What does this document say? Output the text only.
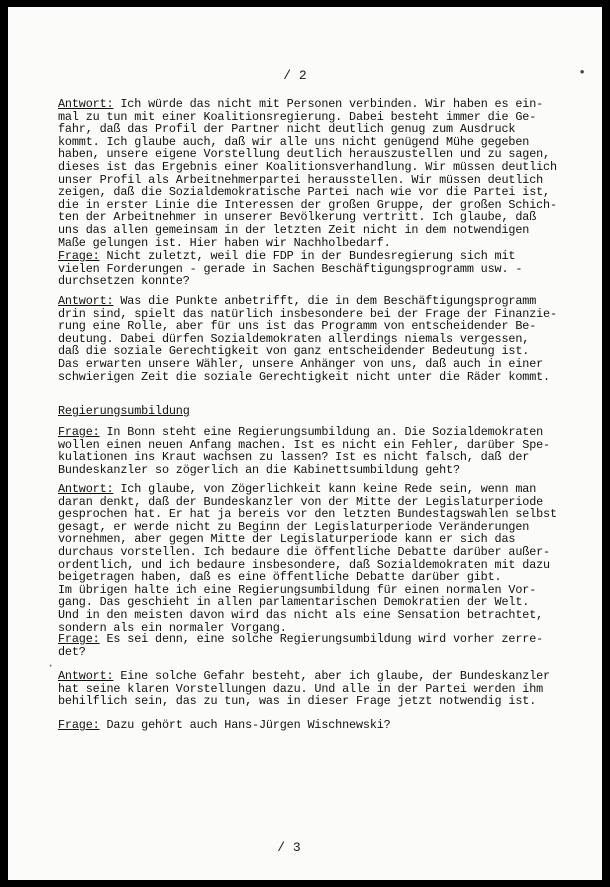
/ 2	•
Antwort: Ich würde das nicht mit Personen verbinden. Wir haben es ein-
mal zu tun mit einer Koalitionsregierung. Dabei besteht immer die Ge-
fahr, daß das Profil der Partner nicht deutlich genug zum Ausdruck
kommt. Ich glaube auch, daß wir alle uns nicht genügend Mühe gegeben
haben, unsere eigene Vorstellung deutlich herauszustellen und zu sagen,
dieses ist das Ergebnis einer Koalitionsverhandlung. Wir müssen deutlich
unser Profil als Arbeitnehmerpartei herausstellen. Wir müssen deutlich
zeigen, daß die Sozialdemokratische Partei nach wie vor die Partei ist,
die in erster Linie die Interessen der großen Gruppe, der großen Schich-
ten der Arbeitnehmer in unserer Bevölkerung vertritt. Ich glaube, daß
uns das allen gemeinsam in der letzten Zeit nicht in dem notwendigen
Maße gelungen ist. Hier haben wir Nachholbedarf.
Frage: Nicht zuletzt, weil die FDP in der Bundesregierung sich mit
vielen Forderungen - gerade in Sachen Beschäftigungsprogramm usw. -
durchsetzen konnte?
Antwort: Was die Punkte anbetrifft, die in dem Beschäftigungsprogramm
drin sind, spielt das natürlich insbesondere bei der Frage der Finanzie-
rung eine Rolle, aber für uns ist das Programm von entscheidender Be-
deutung. Dabei dürfen Sozialdemokraten allerdings niemals vergessen,
daß die soziale Gerechtigkeit von ganz entscheidender Bedeutung ist.
Das erwarten unsere Wähler, unsere Anhänger von uns, daß auch in einer
schwierigen Zeit die soziale Gerechtigkeit nicht unter die Räder kommt.
Regierungsumbildung
Frage: In Bonn steht eine Regierungsumbildung an. Die Sozialdemokraten
wollen einen neuen Anfang machen. Ist es nicht ein Fehler, darüber Spe-
kulationen ins Kraut wachsen zu lassen? Ist es nicht falsch, daß der
Bundeskanzler so zögerlich an die Kabinettsumbildung geht?
Antwort: Ich glaube, von Zögerlichkeit kann keine Rede sein, wenn man
daran denkt, daß der Bundeskanzler von der Mitte der Legislaturperiode
gesprochen hat. Er hat ja bereis vor den letzten Bundestagswahlen selbst
gesagt, er werde nicht zu Beginn der Legislaturperiode Veränderungen
vornehmen, aber gegen Mitte der Legislaturperiode kann er sich das
durchaus vorstellen. Ich bedaure die öffentliche Debatte darüber außer-
ordentlich, und ich bedaure insbesondere, daß Sozialdemokraten mit dazu
beigetragen haben, daß es eine öffentliche Debatte darüber gibt.
Im übrigen halte ich eine Regierungsumbildung für einen normalen Vor-
gang. Das geschieht in allen parlamentarischen Demokratien der Welt.
Und in den meisten davon wird das nicht als eine Sensation betrachtet,
sondern als ein normaler Vorgang.
·
Frage: Es sei denn, eine solche Regierungsumbildung wird vorher zerre-
det?
Antwort: Eine solche Gefahr besteht, aber ich glaube, der Bundeskanzler
hat seine klaren Vorstellungen dazu. Und alle in der Partei werden ihm
behilflich sein, das zu tun, was in dieser Frage jetzt notwendig ist.
Frage: Dazu gehört auch Hans-Jürgen Wischnewski?
/ 3
